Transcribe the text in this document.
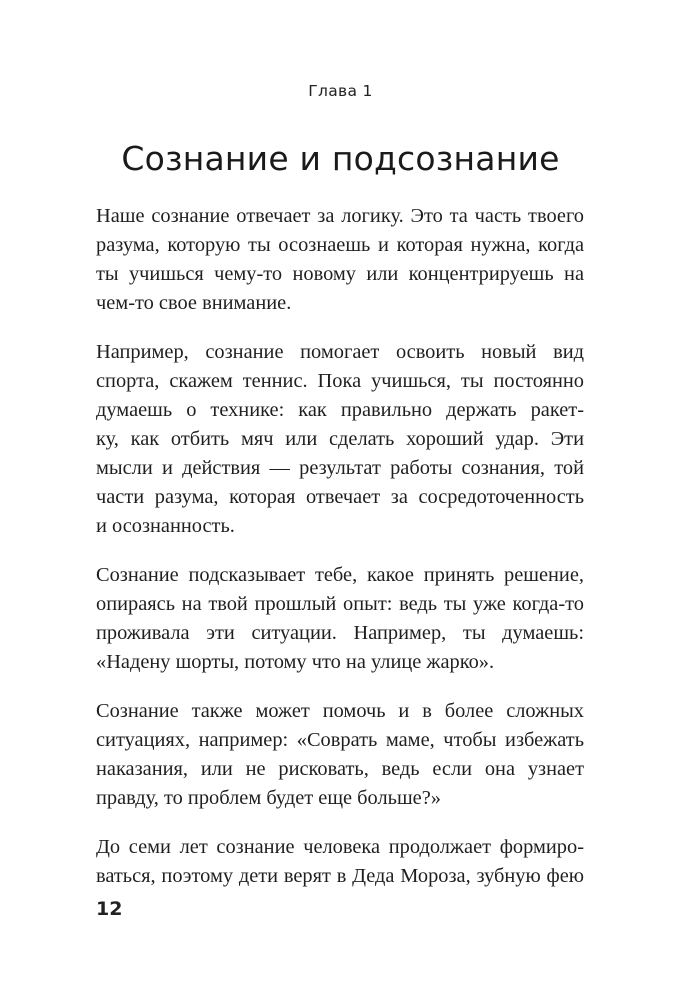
Глава 1
Сознание и подсознание

Наше сознание отвечает за логику. Это та часть твоего
разума, которую ты осознаешь и которая нужна, когда
ты учишься чему-то новому или концентрируешь на
чем-то свое внимание.

Например, сознание помогает освоить новый вид
спорта, скажем теннис. Пока учишься, ты постоянно
думаешь о технике: как правильно держать ракет-
ку, как отбить мяч или сделать хороший удар. Эти
мысли и действия — результат работы сознания, той
части разума, которая отвечает за сосредоточенность
и осознанность.

Сознание подсказывает тебе, какое принять решение,
опираясь на твой прошлый опыт: ведь ты уже когда-то
проживала эти ситуации. Например, ты думаешь:
«Надену шорты, потому что на улице жарко».

Сознание также может помочь и в более сложных
ситуациях, например: «Соврать маме, чтобы избежать
наказания, или не рисковать, ведь если она узнает
правду, то проблем будет еще больше?»

До семи лет сознание человека продолжает формиро-
ваться, поэтому дети верят в Деда Мороза, зубную фею

12
